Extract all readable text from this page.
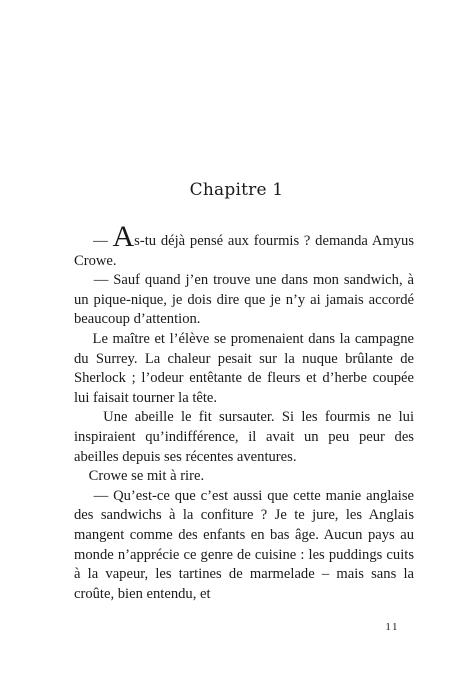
Chapitre 1

— As-tu déjà pensé aux fourmis ? demanda Amyus Crowe.

— Sauf quand j’en trouve une dans mon sandwich, à un pique-nique, je dois dire que je n’y ai jamais accordé beaucoup d’attention.

Le maître et l’élève se promenaient dans la campagne du Surrey. La chaleur pesait sur la nuque brûlante de Sherlock ; l’odeur entêtante de fleurs et d’herbe coupée lui faisait tourner la tête.

Une abeille le fit sursauter. Si les fourmis ne lui inspiraient qu’indifférence, il avait un peu peur des abeilles depuis ses récentes aventures.

Crowe se mit à rire.

— Qu’est-ce que c’est aussi que cette manie anglaise des sandwichs à la confiture ? Je te jure, les Anglais mangent comme des enfants en bas âge. Aucun pays au monde n’apprécie ce genre de cuisine : les puddings cuits à la vapeur, les tartines de marmelade – mais sans la croûte, bien entendu, et

11
